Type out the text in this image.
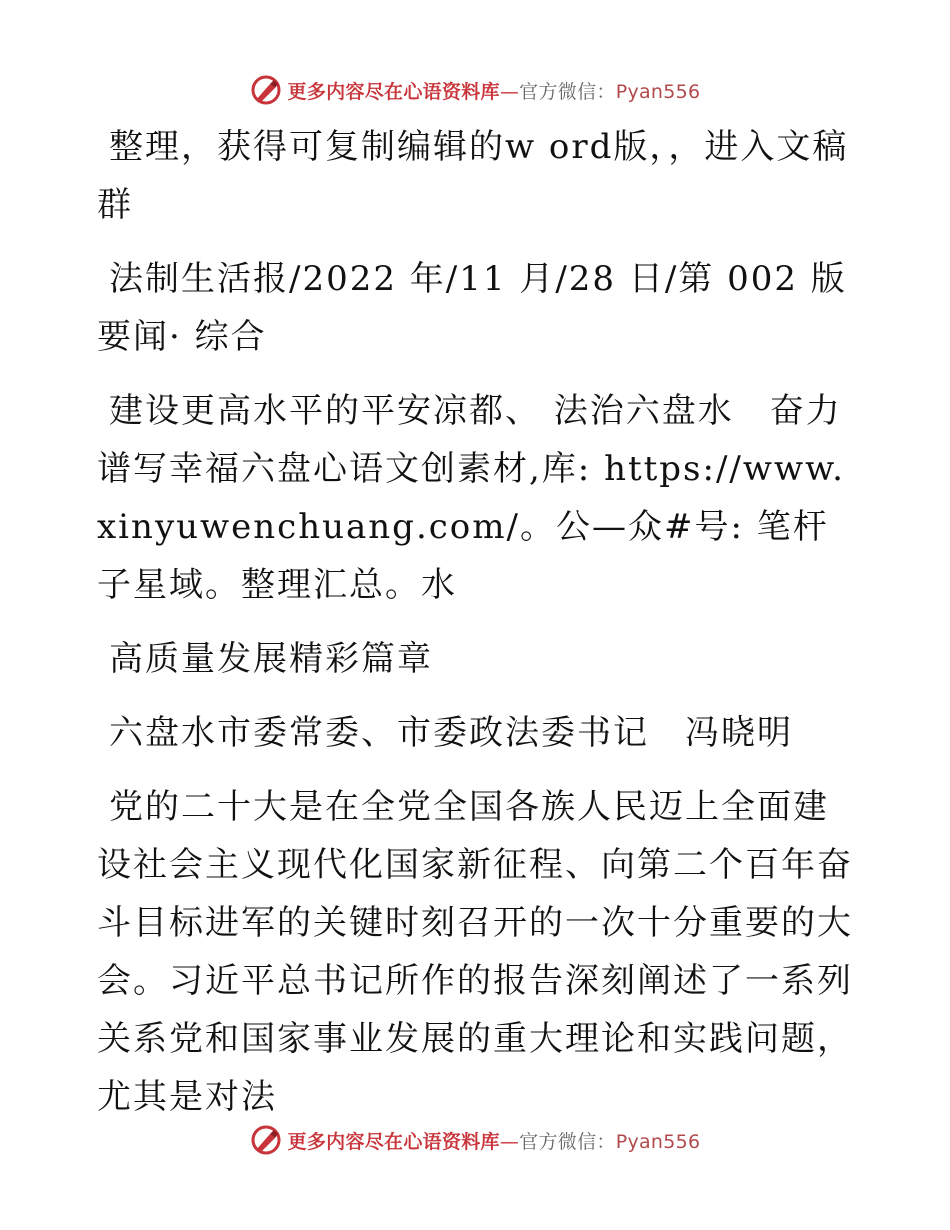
更多内容尽在心语资料库—官方微信：Pyan556

整理，获得可复制编辑的w ord版，，进入文稿群

法制生活报/2022 年/11 月/28 日/第 002 版要闻· 综合

建设更高水平的平安凉都、 法治六盘水　奋力谱写幸福六盘心语文创素材,库: https://www.xinyuwenchuang.com/。公—众#号: 笔杆子星域。整理汇总。水

高质量发展精彩篇章

六盘水市委常委、市委政法委书记　冯晓明

党的二十大是在全党全国各族人民迈上全面建设社会主义现代化国家新征程、向第二个百年奋斗目标进军的关键时刻召开的一次十分重要的大会。习近平总书记所作的报告深刻阐述了一系列关系党和国家事业发展的重大理论和实践问题，尤其是对法

更多内容尽在心语资料库—官方微信：Pyan556
